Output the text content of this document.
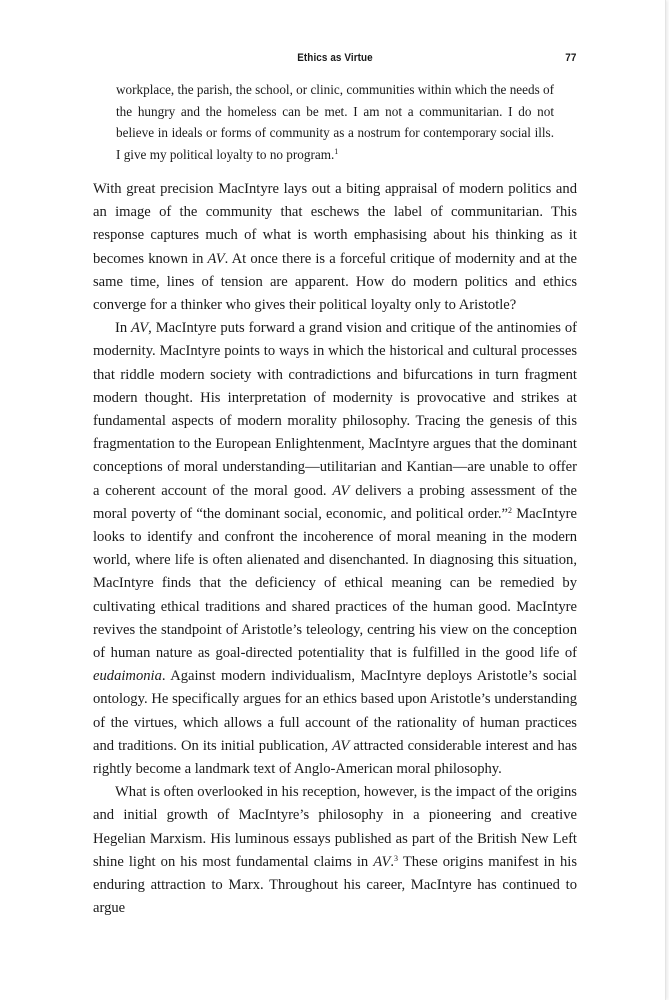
Ethics as Virtue	77

workplace, the parish, the school, or clinic, communities within which the needs of the hungry and the homeless can be met. I am not a communitarian. I do not believe in ideals or forms of community as a nostrum for contemporary social ills. I give my political loyalty to no program.$^1$

With great precision MacIntyre lays out a biting appraisal of modern politics and an image of the community that eschews the label of communitarian. This response captures much of what is worth emphasising about his thinking as it becomes known in AV. At once there is a forceful critique of modernity and at the same time, lines of tension are apparent. How do modern politics and ethics converge for a thinker who gives their political loyalty only to Aristotle?

In AV, MacIntyre puts forward a grand vision and critique of the antinomies of modernity. MacIntyre points to ways in which the historical and cultural processes that riddle modern society with contradictions and bifurcations in turn fragment modern thought. His interpretation of modernity is provocative and strikes at fundamental aspects of modern morality philosophy. Tracing the genesis of this fragmentation to the European Enlightenment, MacIntyre argues that the dominant conceptions of moral understanding—utilitarian and Kantian—are unable to offer a coherent account of the moral good. AV delivers a probing assessment of the moral poverty of “the dominant social, economic, and political order.”$^2$ MacIntyre looks to identify and confront the incoherence of moral meaning in the modern world, where life is often alienated and disenchanted. In diagnosing this situation, MacIntyre finds that the deficiency of ethical meaning can be remedied by cultivating ethical traditions and shared practices of the human good. MacIntyre revives the standpoint of Aristotle’s teleology, centring his view on the conception of human nature as goal-directed potentiality that is fulfilled in the good life of eudaimonia. Against modern individualism, MacIntyre deploys Aristotle’s social ontology. He specifically argues for an ethics based upon Aristotle’s understanding of the virtues, which allows a full account of the rationality of human practices and traditions. On its initial publication, AV attracted considerable interest and has rightly become a landmark text of Anglo-American moral philosophy.

What is often overlooked in his reception, however, is the impact of the origins and initial growth of MacIntyre’s philosophy in a pioneering and creative Hegelian Marxism. His luminous essays published as part of the British New Left shine light on his most fundamental claims in AV.$^3$ These origins manifest in his enduring attraction to Marx. Throughout his career, MacIntyre has continued to argue
